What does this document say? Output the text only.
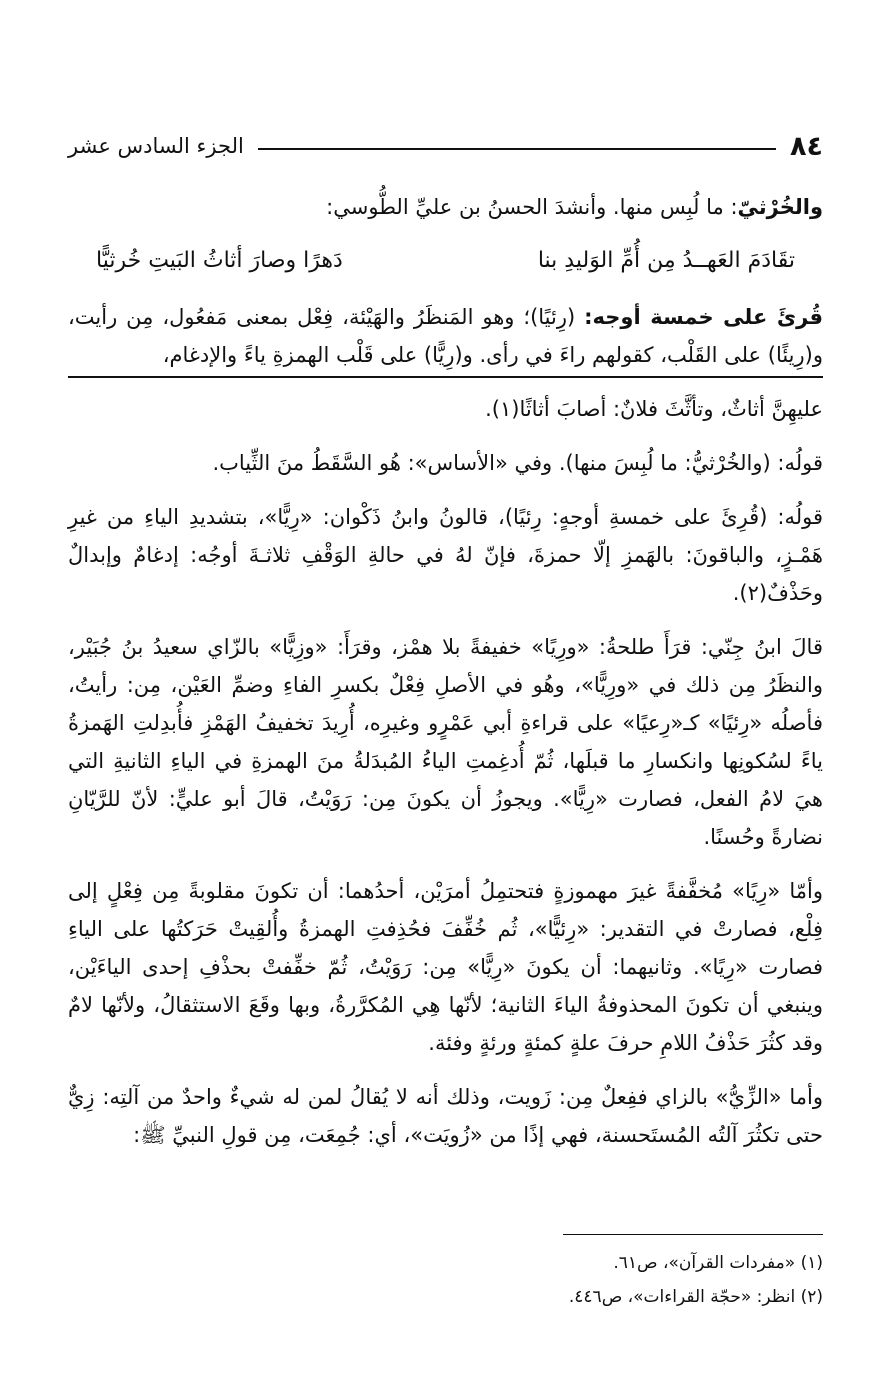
٨٤
الجزء السادس عشر

والخُرْثيّ: ما لُبِس منها. وأنشدَ الحسنُ بن عليِّ الطُّوسي:

تقَادَمَ العَهــدُ مِن أُمِّ الوَليدِ بنا
دَهرًا وصارَ أثاثُ البَيتِ خُرثيًّا

قُرئَ على خمسة أوجه: (رِئيًا)؛ وهو المَنظَرُ والهَيْئة، فِعْل بمعنى مَفعُول، مِن رأيت، و(رِيئًا) على القَلْب، كقولهم راءَ في رأى. و(رِيًّا) على قَلْب الهمزةِ ياءً والإدغام،

عليهِنَّ أثاثٌ، وتأثَّثَ فلانٌ: أصابَ أثاثًا(١).

قولُه: (والخُرْثيُّ: ما لُبِسَ منها). وفي «الأساس»: هُو السَّقَطُ منَ الثِّياب.

قولُه: (قُرِئَ على خمسةِ أوجهٍ: رِئيًا)، قالونُ وابنُ ذَكْوان: «رِيًّا»، بتشديدِ الياءِ من غيرِ هَمْـزٍ، والباقونَ: بالهَمزِ إلّا حمزةَ، فإنّ لهُ في حالةِ الوَقْفِ ثلاثـةَ أوجُه: إدغامٌ وإبدالٌ وحَذْفٌ(٢).

قالَ ابنُ جِنّي: قرَأَ طلحةُ: «ورِيًا» خفيفةً بلا همْز، وقرَأَ: «وزِيًّا» بالزّاي سعيدُ بنُ جُبَيْر، والنظَرُ مِن ذلك في «ورِيًّا»، وهُو في الأصلِ فِعْلٌ بكسرِ الفاءِ وضمِّ العَيْن، مِن: رأيتُ، فأصلُه «رِئيًا» كـ«رِعيًا» على قراءةِ أبي عَمْرٍو وغيرِه، أُرِيدَ تخفيفُ الهَمْزِ فأُبدِلتِ الهَمزةُ ياءً لسُكونِها وانكسارِ ما قبلَها، ثُمّ أُدغِمتِ الياءُ المُبدَلةُ منَ الهمزةِ في الياءِ الثانيةِ التي هيَ لامُ الفعل، فصارت «رِيًّا». ويجوزُ أن يكونَ مِن: رَوَيْتُ، قالَ أبو عليٍّ: لأنّ للرَّيّانِ نضارةً وحُسنًا.

وأمّا «رِيًا» مُخفَّفةً غيرَ مهموزةٍ فتحتمِلُ أمرَيْن، أحدُهما: أن تكونَ مقلوبةً مِن فِعْلٍ إلى فِلْع، فصارتْ في التقدير: «رِئيًّا»، ثُم خُفِّفَ فحُذِفتِ الهمزةُ وأُلقِيتْ حَرَكتُها على الياءِ فصارت «رِيًا». وثانيهما: أن يكونَ «رِيًّا» مِن: رَوَيْتُ، ثُمّ خفِّفتْ بحذْفِ إحدى الياءَيْن، وينبغي أن تكونَ المحذوفةُ الياءَ الثانية؛ لأنّها هِي المُكرَّرةُ، وبها وقَعَ الاستثقالُ، ولأنّها لامٌ وقد كثُرَ حَذْفُ اللامِ حرفَ علةٍ كمئةٍ ورئةٍ وفئة.

وأما «الزِّيُّ» بالزاي ففِعلٌ مِن: زَويت، وذلك أنه لا يُقالُ لمن له شيءٌ واحدٌ من آلتِه: زِيٌّ حتى تكثُرَ آلتُه المُستَحسنة، فهي إذًا من «زُويَت»، أي: جُمِعَت، مِن قولِ النبيِّ ﷺ:

(١) «مفردات القرآن»، ص٦١.
(٢) انظر: «حجّة القراءات»، ص٤٤٦.
